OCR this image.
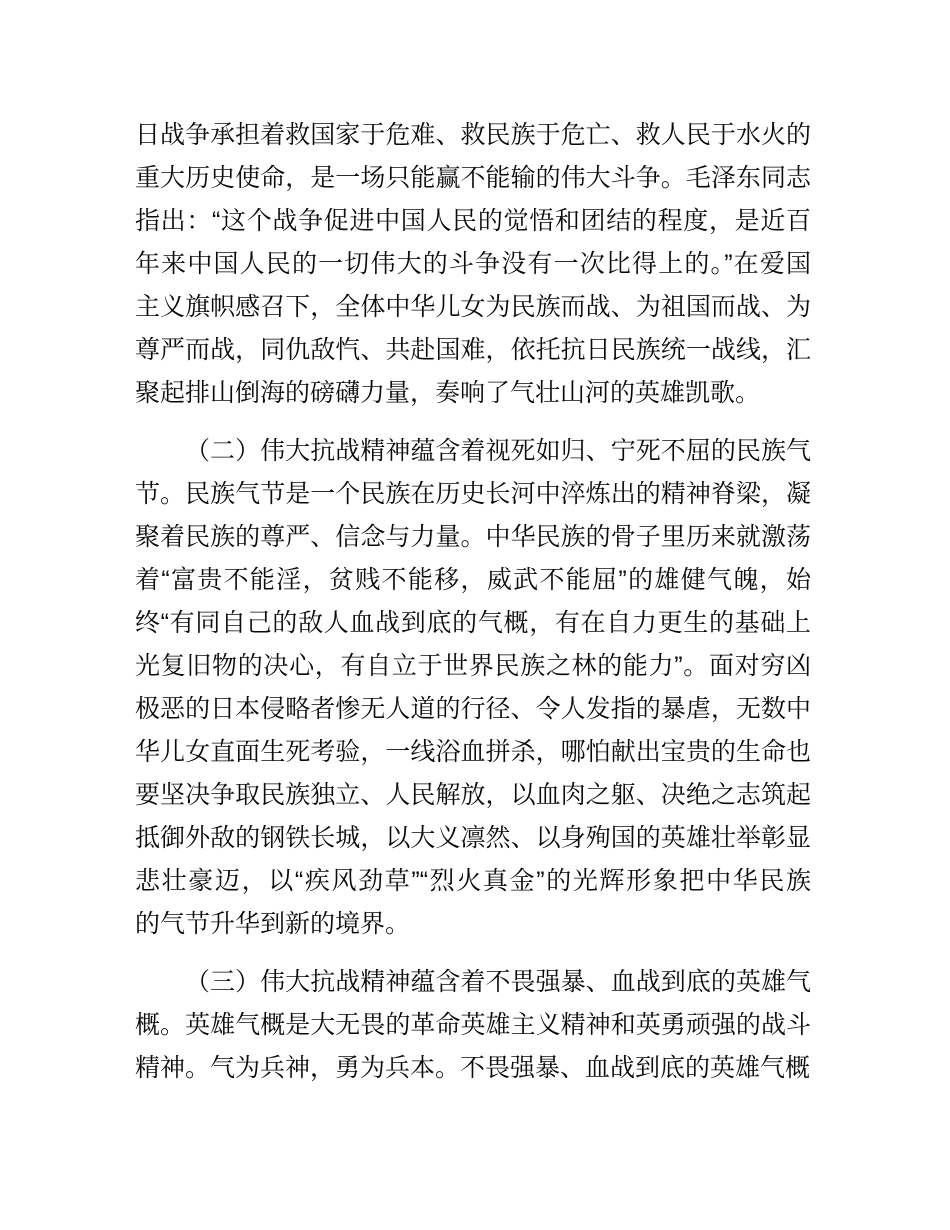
日战争承担着救国家于危难、救民族于危亡、救人民于水火的
重大历史使命，是一场只能赢不能输的伟大斗争。毛泽东同志
指出：“这个战争促进中国人民的觉悟和团结的程度，是近百
年来中国人民的一切伟大的斗争没有一次比得上的。”在爱国
主义旗帜感召下，全体中华儿女为民族而战、为祖国而战、为
尊严而战，同仇敌忾、共赴国难，依托抗日民族统一战线，汇
聚起排山倒海的磅礴力量，奏响了气壮山河的英雄凯歌。
（二）伟大抗战精神蕴含着视死如归、宁死不屈的民族气
节。民族气节是一个民族在历史长河中淬炼出的精神脊梁，凝
聚着民族的尊严、信念与力量。中华民族的骨子里历来就激荡
着“富贵不能淫，贫贱不能移，威武不能屈”的雄健气魄，始
终“有同自己的敌人血战到底的气概，有在自力更生的基础上
光复旧物的决心，有自立于世界民族之林的能力”。面对穷凶
极恶的日本侵略者惨无人道的行径、令人发指的暴虐，无数中
华儿女直面生死考验，一线浴血拼杀，哪怕献出宝贵的生命也
要坚决争取民族独立、人民解放，以血肉之躯、决绝之志筑起
抵御外敌的钢铁长城，以大义凛然、以身殉国的英雄壮举彰显
悲壮豪迈，以“疾风劲草”“烈火真金”的光辉形象把中华民族
的气节升华到新的境界。
（三）伟大抗战精神蕴含着不畏强暴、血战到底的英雄气
概。英雄气概是大无畏的革命英雄主义精神和英勇顽强的战斗
精神。气为兵神，勇为兵本。不畏强暴、血战到底的英雄气概
